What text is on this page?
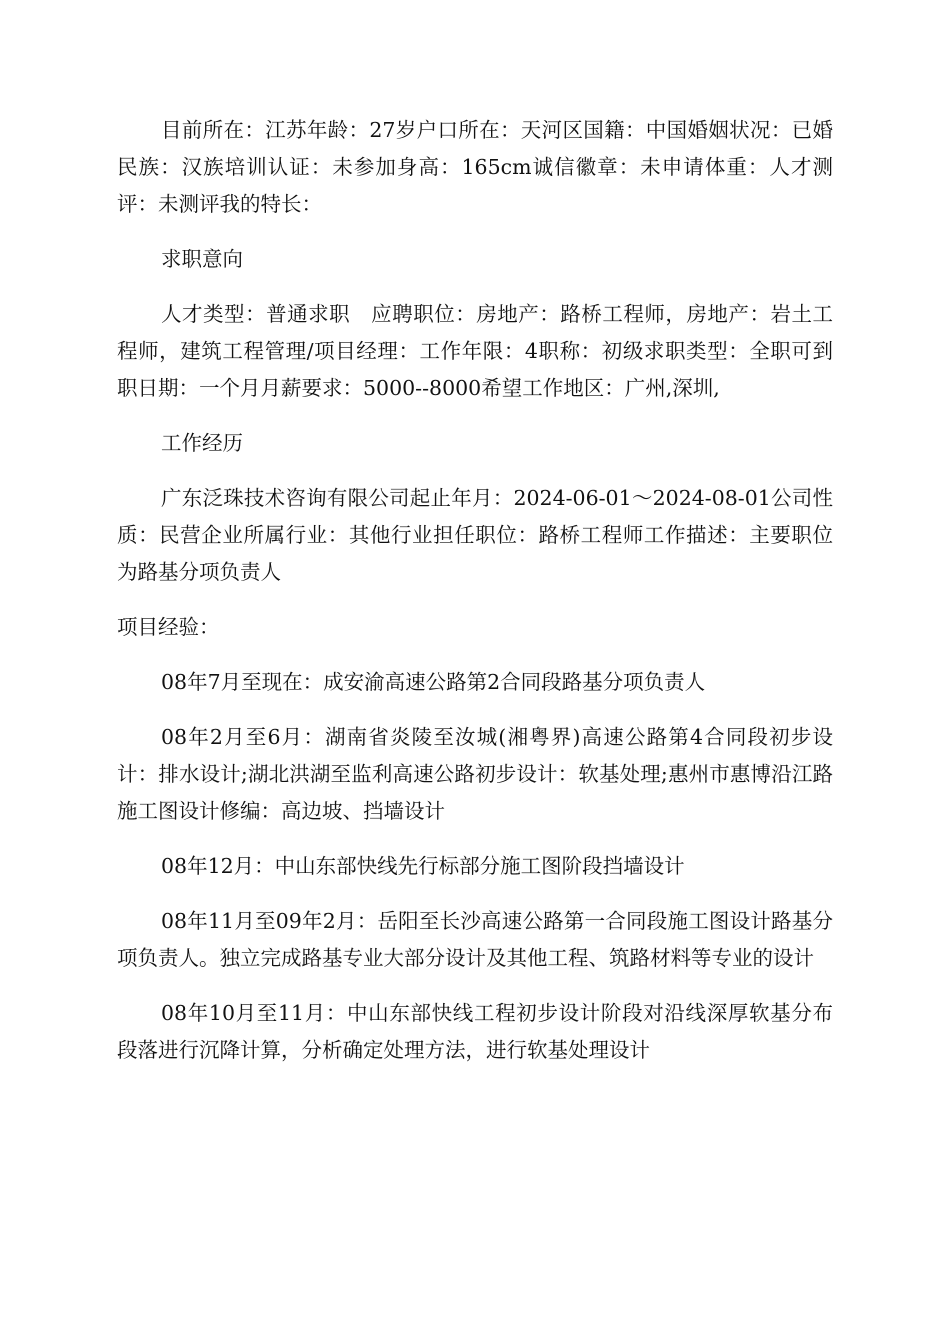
目前所在：江苏年龄：27岁户口所在：天河区国籍：中国婚姻状况：已婚民族：汉族培训认证：未参加身高：165cm诚信徽章：未申请体重：人才测评：未测评我的特长：

求职意向

人才类型：普通求职　应聘职位：房地产：路桥工程师，房地产：岩土工程师，建筑工程管理/项目经理：工作年限：4职称：初级求职类型：全职可到职日期：一个月月薪要求：5000--8000希望工作地区：广州,深圳,

工作经历

广东泛珠技术咨询有限公司起止年月：2024-06-01～2024-08-01公司性质：民营企业所属行业：其他行业担任职位：路桥工程师工作描述：主要职位为路基分项负责人

项目经验：

08年7月至现在：成安渝高速公路第2合同段路基分项负责人

08年2月至6月：湖南省炎陵至汝城(湘粤界)高速公路第4合同段初步设计：排水设计;湖北洪湖至监利高速公路初步设计：软基处理;惠州市惠博沿江路施工图设计修编：高边坡、挡墙设计

08年12月：中山东部快线先行标部分施工图阶段挡墙设计

08年11月至09年2月：岳阳至长沙高速公路第一合同段施工图设计路基分项负责人。独立完成路基专业大部分设计及其他工程、筑路材料等专业的设计

08年10月至11月：中山东部快线工程初步设计阶段对沿线深厚软基分布段落进行沉降计算，分析确定处理方法，进行软基处理设计
